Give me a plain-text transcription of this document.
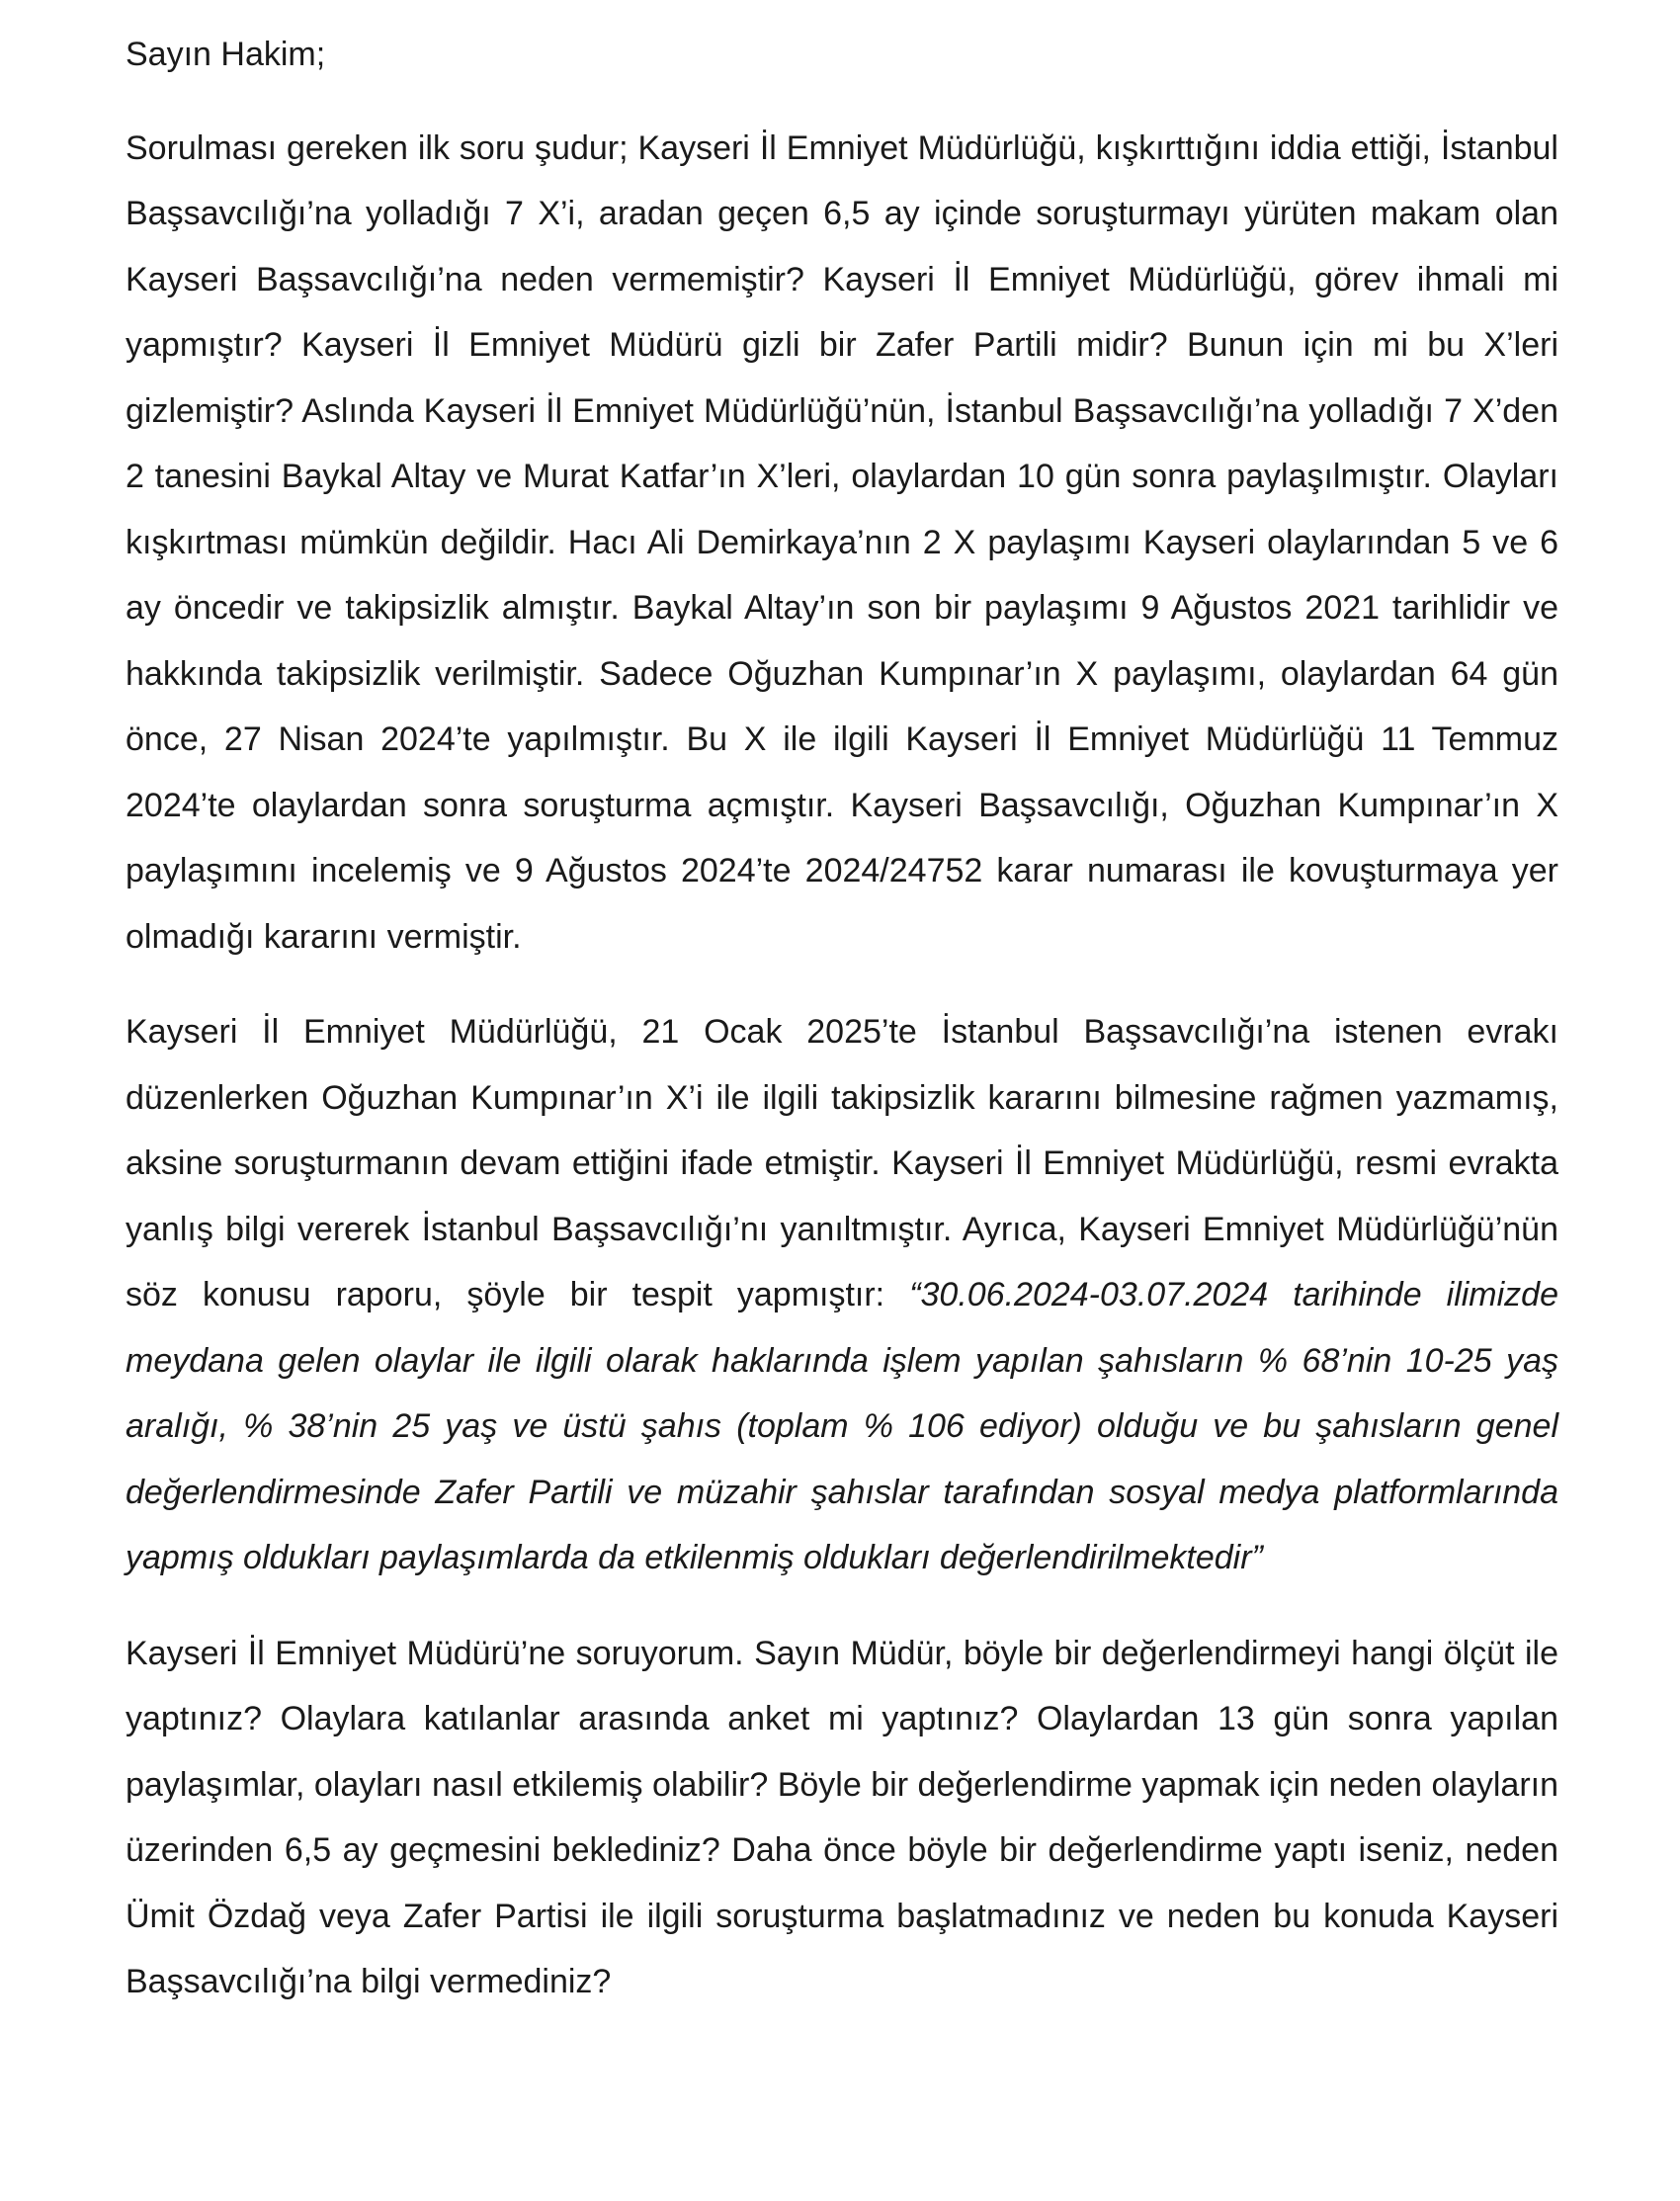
Sayın Hakim;

Sorulması gereken ilk soru şudur; Kayseri İl Emniyet Müdürlüğü, kışkırttığını iddia ettiği, İstanbul Başsavcılığı’na yolladığı 7 X’i, aradan geçen 6,5 ay içinde soruşturmayı yürüten makam olan Kayseri Başsavcılığı’na neden vermemiştir? Kayseri İl Emniyet Müdürlüğü, görev ihmali mi yapmıştır? Kayseri İl Emniyet Müdürü gizli bir Zafer Partili midir? Bunun için mi bu X’leri gizlemiştir? Aslında Kayseri İl Emniyet Müdürlüğü’nün, İstanbul Başsavcılığı’na yolladığı 7 X’den 2 tanesini Baykal Altay ve Murat Katfar’ın X’leri, olaylardan 10 gün sonra paylaşılmıştır. Olayları kışkırtması mümkün değildir. Hacı Ali Demirkaya’nın 2 X paylaşımı Kayseri olaylarından 5 ve 6 ay öncedir ve takipsizlik almıştır. Baykal Altay’ın son bir paylaşımı 9 Ağustos 2021 tarihlidir ve hakkında takipsizlik verilmiştir. Sadece Oğuzhan Kumpınar’ın X paylaşımı, olaylardan 64 gün önce, 27 Nisan 2024’te yapılmıştır. Bu X ile ilgili Kayseri İl Emniyet Müdürlüğü 11 Temmuz 2024’te olaylardan sonra soruşturma açmıştır. Kayseri Başsavcılığı, Oğuzhan Kumpınar’ın X paylaşımını incelemiş ve 9 Ağustos 2024’te 2024/24752 karar numarası ile kovuşturmaya yer olmadığı kararını vermiştir.

Kayseri İl Emniyet Müdürlüğü, 21 Ocak 2025’te İstanbul Başsavcılığı’na istenen evrakı düzenlerken Oğuzhan Kumpınar’ın X’i ile ilgili takipsizlik kararını bilmesine rağmen yazmamış, aksine soruşturmanın devam ettiğini ifade etmiştir. Kayseri İl Emniyet Müdürlüğü, resmi evrakta yanlış bilgi vererek İstanbul Başsavcılığı’nı yanıltmıştır. Ayrıca, Kayseri Emniyet Müdürlüğü’nün söz konusu raporu, şöyle bir tespit yapmıştır: “30.06.2024-03.07.2024 tarihinde ilimizde meydana gelen olaylar ile ilgili olarak haklarında işlem yapılan şahısların % 68’nin 10-25 yaş aralığı, % 38’nin 25 yaş ve üstü şahıs (toplam % 106 ediyor) olduğu ve bu şahısların genel değerlendirmesinde Zafer Partili ve müzahir şahıslar tarafından sosyal medya platformlarında yapmış oldukları paylaşımlarda da etkilenmiş oldukları değerlendirilmektedir”

Kayseri İl Emniyet Müdürü’ne soruyorum. Sayın Müdür, böyle bir değerlendirmeyi hangi ölçüt ile yaptınız? Olaylara katılanlar arasında anket mi yaptınız? Olaylardan 13 gün sonra yapılan paylaşımlar, olayları nasıl etkilemiş olabilir? Böyle bir değerlendirme yapmak için neden olayların üzerinden 6,5 ay geçmesini beklediniz? Daha önce böyle bir değerlendirme yaptı iseniz, neden Ümit Özdağ veya Zafer Partisi ile ilgili soruşturma başlatmadınız ve neden bu konuda Kayseri Başsavcılığı’na bilgi vermediniz?
